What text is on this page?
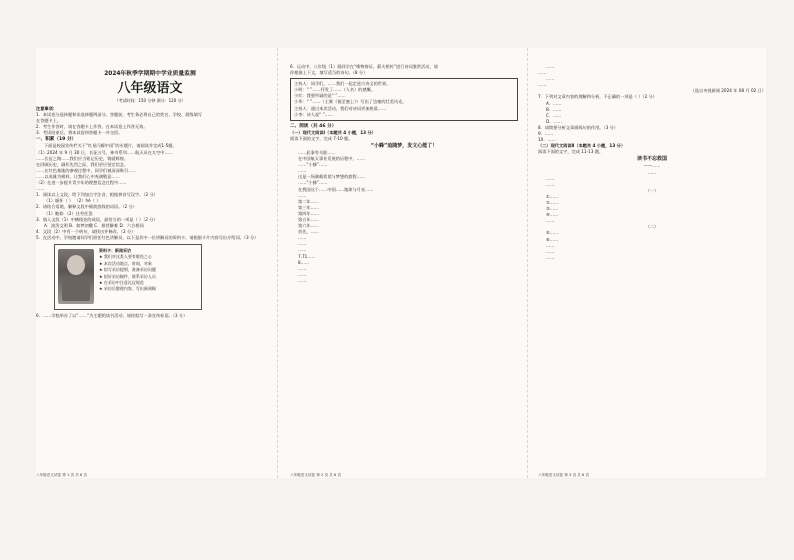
2024年秋季学期期中学业质量监测
八年级语文
（考试时间：150 分钟 满分：120 分）
注意事项：
1．本试卷分选择题和非选择题两部分。答题前，考生务必将自己的姓名、学校、班级填写
在答题卡上。
2．考生作答时，请在答题卡上作答，在本试卷上作答无效。
3．考试结束后，将本试卷和答题卡一并交回。
一、积累（19 分）
下面是校园宣传栏关于“红星闪耀中国”的专题片，请阅读并完成1-5题。
（1）2024 年 9 月 30 日，长征五号，神舟系列……航天员在太空中……
……长征之路……我们应当铭记历史，铸就辉煌。
在回顾历史，缅怀先烈之际，我们更应坚定信念。
……在红色基地的参观过程中，同学们被深深吸引……
……以英雄为榜样，让我们心中充满敬意……
（2）在进一步提升青少年的理想信念过程中……
……
1．阅读以上文段，给下列加点字注音，根据拼音写汉字。（2 分）
（1）缅怀（ ） （2）hè（ ）
2．请结合语境，解释文段中画波浪线的词语。（2 分）
（1）瞻仰 （2）任劳任怨
3．填入文段（1）中横线处的成语，最恰当的一项是（ ）（2 分）
A．油泼文明 B．如梦初醒 C．排忧解难 D．六合相同
4．文段（2）中有一个病句，请找出并修改。（2 分）
5．在活动中，学校邀请同学们担任红色讲解员，以下是其中一位讲解员的资料卡，请根据卡片内容写出介绍词。（3 分）
资料卡：新闻采访
★ 我们对这类人要有敬畏之心
★ 本次活动地点、时间、对象
★ 拟写采访提纲，准备采访问题
★ 拟好采访稿件，联系采访人员
★ 在采访中注意礼仪规范
★ 采访后整理内容，写出新闻稿
6．……学校举办了以“……”为主题的读书活动，请你拟写一条宣传标语。（3 分）
八年级语文试卷 第 1 页 共 6 页
6．运动中，八年级（1）班同学在“唯物辩证，薪火相传”进行诗词鉴赏活动，请
你根据上下文，填写适当的诗句。（8 分）
主持人：同学们，……我们一起走进古诗文的世界。
小明：“ ”……抒发了……（人名）的感慨。
小红：我要吟诵的是“ ”……
小华：“ ”……（王维《使至塞上》）写出了边塞的壮美风光。
主持人：通过本次活动，我们对诗词更加热爱……
小李：诗人说“ ”……
二、阅读（共 46 分）
（一）现代文阅读Ⅰ（本题共 4 小题，13 分）
阅读下面的文字，完成 7-10 题。
“小蜂”追随梦，发文心能了！
……此事有关联……
在中国航天事业发展的历程中，……
……“小蜂”……
……
这是一场满载希望与梦想的旅程……
……“小蜂”……
在我国这个……中国……地球与月亮……
……
第二年……
第三年……
第四年……
第五年……
第六年……
首先，……
……
……
……
7.71……
8……
……
……
……
八年级语文试卷 第 2 页 共 6 页
……
……
……
……
（选自央视新闻 2024 年 08 月 02 日）
7．下列对文章内容的理解和分析，不正确的一项是（ ）（2 分）
A．……
B．……
C．……
D．……
8．请简要分析文章画线句的作用。（3 分）
9．……
10．……
（二）现代文阅读Ⅱ（本题共 4 小题，13 分）
阅读下面的文字，完成 11-13 题。
读书不忘救国
——……
……
……
……
（一）
①……
②……
③……
④……
……
（二）
⑤……
⑥……
……
……
……
八年级语文试卷 第 3 页 共 6 页
